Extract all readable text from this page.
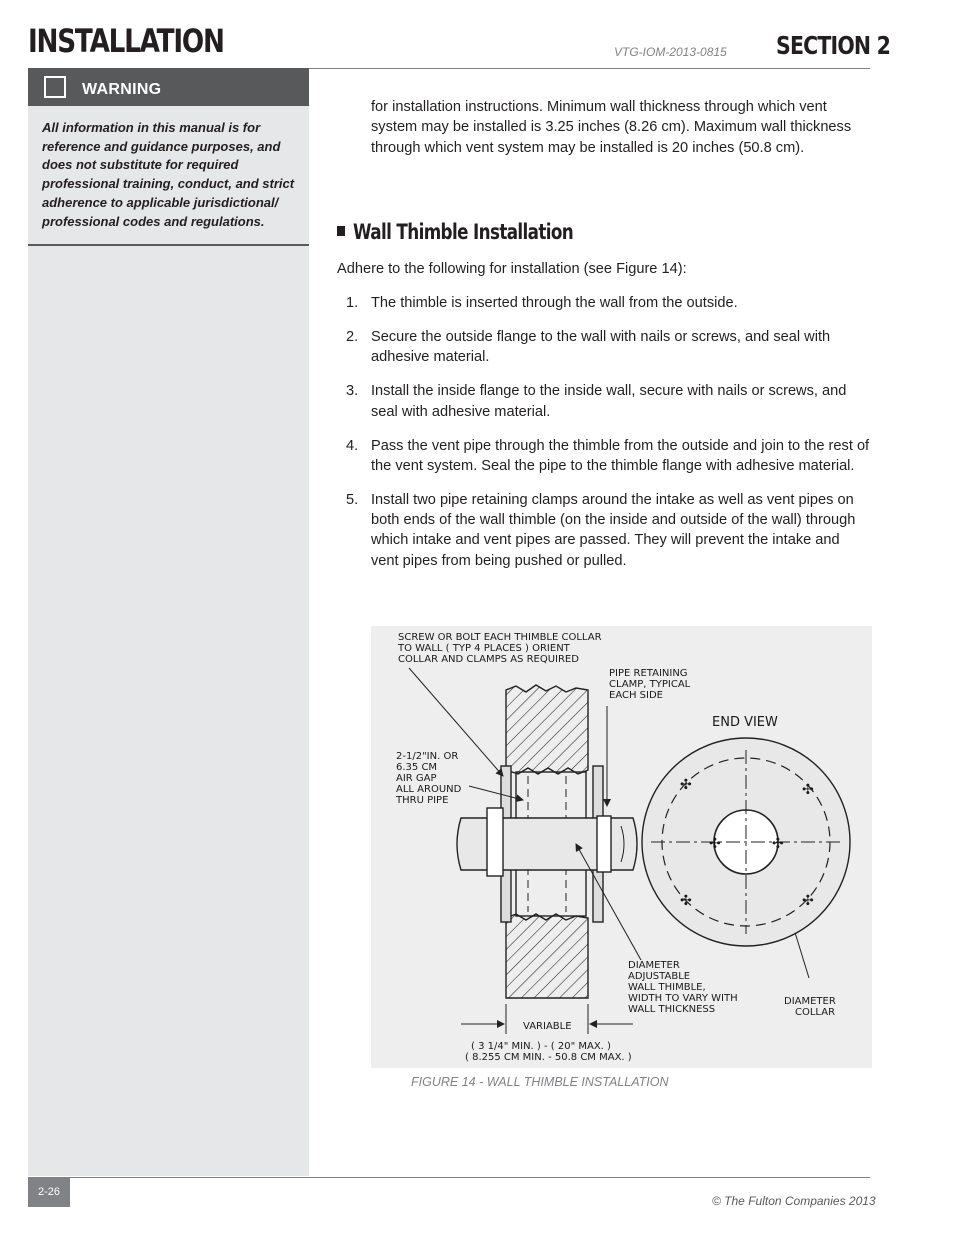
INSTALLATION	VTG-IOM-2013-0815 SECTION 2
WARNING
All information in this manual is for reference and guidance purposes, and does not substitute for required professional training, conduct, and strict adherence to applicable jurisdictional/ professional codes and regulations.
for installation instructions. Minimum wall thickness through which vent system may be installed is 3.25 inches (8.26 cm). Maximum wall thickness through which vent system may be installed is 20 inches (50.8 cm).
Wall Thimble Installation
Adhere to the following for installation (see Figure 14):
1. The thimble is inserted through the wall from the outside.
2. Secure the outside flange to the wall with nails or screws, and seal with adhesive material.
3. Install the inside flange to the inside wall, secure with nails or screws, and seal with adhesive material.
4. Pass the vent pipe through the thimble from the outside and join to the rest of the vent system. Seal the pipe to the thimble flange with adhesive material.
5. Install two pipe retaining clamps around the intake as well as vent pipes on both ends of the wall thimble (on the inside and outside of the wall) through which intake and vent pipes are passed. They will prevent the intake and vent pipes from being pushed or pulled.
SCREW OR BOLT EACH THIMBLE COLLAR
TO WALL ( TYP 4 PLACES ) ORIENT
COLLAR AND CLAMPS AS REQUIRED
PIPE RETAINING
CLAMP, TYPICAL
EACH SIDE
END VIEW
2-1/2"IN. OR
6.35 CM
AIR GAP
ALL AROUND
THRU PIPE
DIAMETER
ADJUSTABLE
WALL THIMBLE,
WIDTH TO VARY WITH
WALL THICKNESS
DIAMETER
COLLAR
VARIABLE
( 3 1/4" MIN. ) - ( 20" MAX. )
( 8.255 CM MIN. - 50.8 CM MAX. )
✣	✣
✣	✣
✣	✣
FIGURE 14 - WALL THIMBLE INSTALLATION
2-26
© The Fulton Companies 2013
